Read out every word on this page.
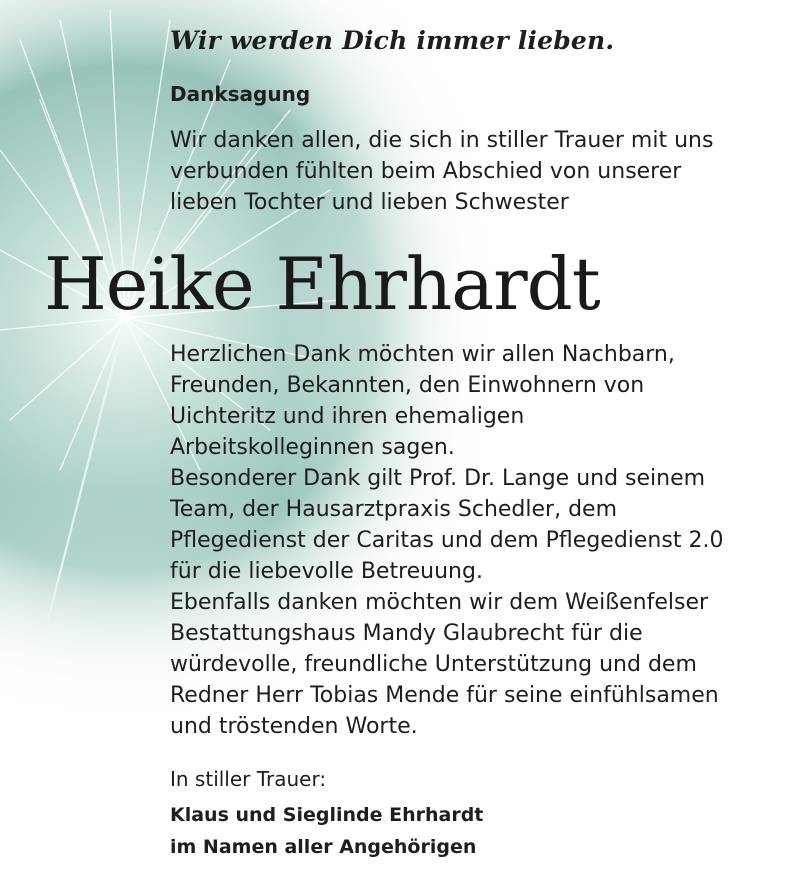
Wir werden Dich immer lieben.
Danksagung
Wir danken allen, die sich in stiller Trauer mit uns
verbunden fühlten beim Abschied von unserer
lieben Tochter und lieben Schwester
Herzlichen Dank möchten wir allen Nachbarn,
Freunden, Bekannten, den Einwohnern von
Uichteritz und ihren ehemaligen
Arbeitskolleginnen sagen.
Besonderer Dank gilt Prof. Dr. Lange und seinem
Team, der Hausarztpraxis Schedler, dem
Pflegedienst der Caritas und dem Pflegedienst 2.0
für die liebevolle Betreuung.
Ebenfalls danken möchten wir dem Weißenfelser
Bestattungshaus Mandy Glaubrecht für die
würdevolle, freundliche Unterstützung und dem
Redner Herr Tobias Mende für seine einfühlsamen
und tröstenden Worte.
In stiller Trauer:
Klaus und Sieglinde Ehrhardt
im Namen aller Angehörigen
Heike Ehrhardt
